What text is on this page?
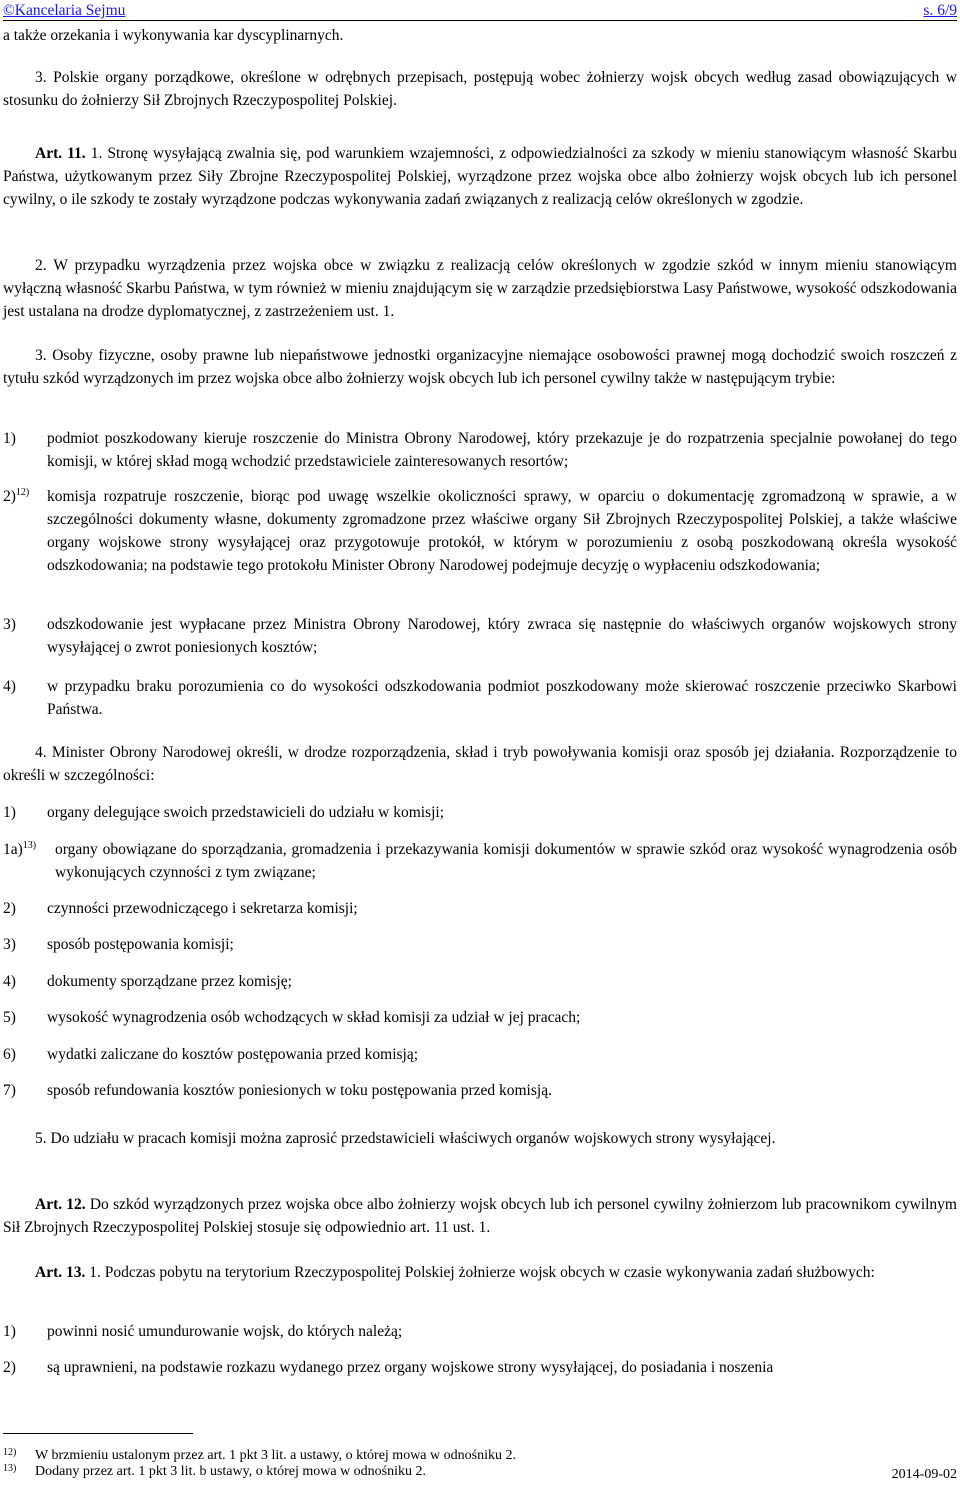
©Kancelaria Sejmu	s. 6/9

a także orzekania i wykonywania kar dyscyplinarnych.

3. Polskie organy porządkowe, określone w odrębnych przepisach, postępują wobec żołnierzy wojsk obcych według zasad obowiązujących w stosunku do żołnierzy Sił Zbrojnych Rzeczypospolitej Polskiej.

Art. 11. 1. Stronę wysyłającą zwalnia się, pod warunkiem wzajemności, z odpowiedzialności za szkody w mieniu stanowiącym własność Skarbu Państwa, użytkowanym przez Siły Zbrojne Rzeczypospolitej Polskiej, wyrządzone przez wojska obce albo żołnierzy wojsk obcych lub ich personel cywilny, o ile szkody te zostały wyrządzone podczas wykonywania zadań związanych z realizacją celów określonych w zgodzie.

2. W przypadku wyrządzenia przez wojska obce w związku z realizacją celów określonych w zgodzie szkód w innym mieniu stanowiącym wyłączną własność Skarbu Państwa, w tym również w mieniu znajdującym się w zarządzie przedsiębiorstwa Lasy Państwowe, wysokość odszkodowania jest ustalana na drodze dyplomatycznej, z zastrzeżeniem ust. 1.

3. Osoby fizyczne, osoby prawne lub niepaństwowe jednostki organizacyjne niemające osobowości prawnej mogą dochodzić swoich roszczeń z tytułu szkód wyrządzonych im przez wojska obce albo żołnierzy wojsk obcych lub ich personel cywilny także w następującym trybie:

1) podmiot poszkodowany kieruje roszczenie do Ministra Obrony Narodowej, który przekazuje je do rozpatrzenia specjalnie powołanej do tego komisji, w której skład mogą wchodzić przedstawiciele zainteresowanych resortów;
2)$^{12)}$ komisja rozpatruje roszczenie, biorąc pod uwagę wszelkie okoliczności sprawy, w oparciu o dokumentację zgromadzoną w sprawie, a w szczególności dokumenty własne, dokumenty zgromadzone przez właściwe organy Sił Zbrojnych Rzeczypospolitej Polskiej, a także właściwe organy wojskowe strony wysyłającej oraz przygotowuje protokół, w którym w porozumieniu z osobą poszkodowaną określa wysokość odszkodowania; na podstawie tego protokołu Minister Obrony Narodowej podejmuje decyzję o wypłaceniu odszkodowania;
3) odszkodowanie jest wypłacane przez Ministra Obrony Narodowej, który zwraca się następnie do właściwych organów wojskowych strony wysyłającej o zwrot poniesionych kosztów;
4) w przypadku braku porozumienia co do wysokości odszkodowania podmiot poszkodowany może skierować roszczenie przeciwko Skarbowi Państwa.

4. Minister Obrony Narodowej określi, w drodze rozporządzenia, skład i tryb powoływania komisji oraz sposób jej działania. Rozporządzenie to określi w szczególności:

1) organy delegujące swoich przedstawicieli do udziału w komisji;
1a)$^{13)}$ organy obowiązane do sporządzania, gromadzenia i przekazywania komisji dokumentów w sprawie szkód oraz wysokość wynagrodzenia osób wykonujących czynności z tym związane;
2) czynności przewodniczącego i sekretarza komisji;
3) sposób postępowania komisji;
4) dokumenty sporządzane przez komisję;
5) wysokość wynagrodzenia osób wchodzących w skład komisji za udział w jej pracach;
6) wydatki zaliczane do kosztów postępowania przed komisją;
7) sposób refundowania kosztów poniesionych w toku postępowania przed komisją.

5. Do udziału w pracach komisji można zaprosić przedstawicieli właściwych organów wojskowych strony wysyłającej.

Art. 12. Do szkód wyrządzonych przez wojska obce albo żołnierzy wojsk obcych lub ich personel cywilny żołnierzom lub pracownikom cywilnym Sił Zbrojnych Rzeczypospolitej Polskiej stosuje się odpowiednio art. 11 ust. 1.

Art. 13. 1. Podczas pobytu na terytorium Rzeczypospolitej Polskiej żołnierze wojsk obcych w czasie wykonywania zadań służbowych:

1) powinni nosić umundurowanie wojsk, do których należą;
2) są uprawnieni, na podstawie rozkazu wydanego przez organy wojskowe strony wysyłającej, do posiadania i noszenia
12) W brzmieniu ustalonym przez art. 1 pkt 3 lit. a ustawy, o której mowa w odnośniku 2.
13) Dodany przez art. 1 pkt 3 lit. b ustawy, o której mowa w odnośniku 2.	2014-09-02
